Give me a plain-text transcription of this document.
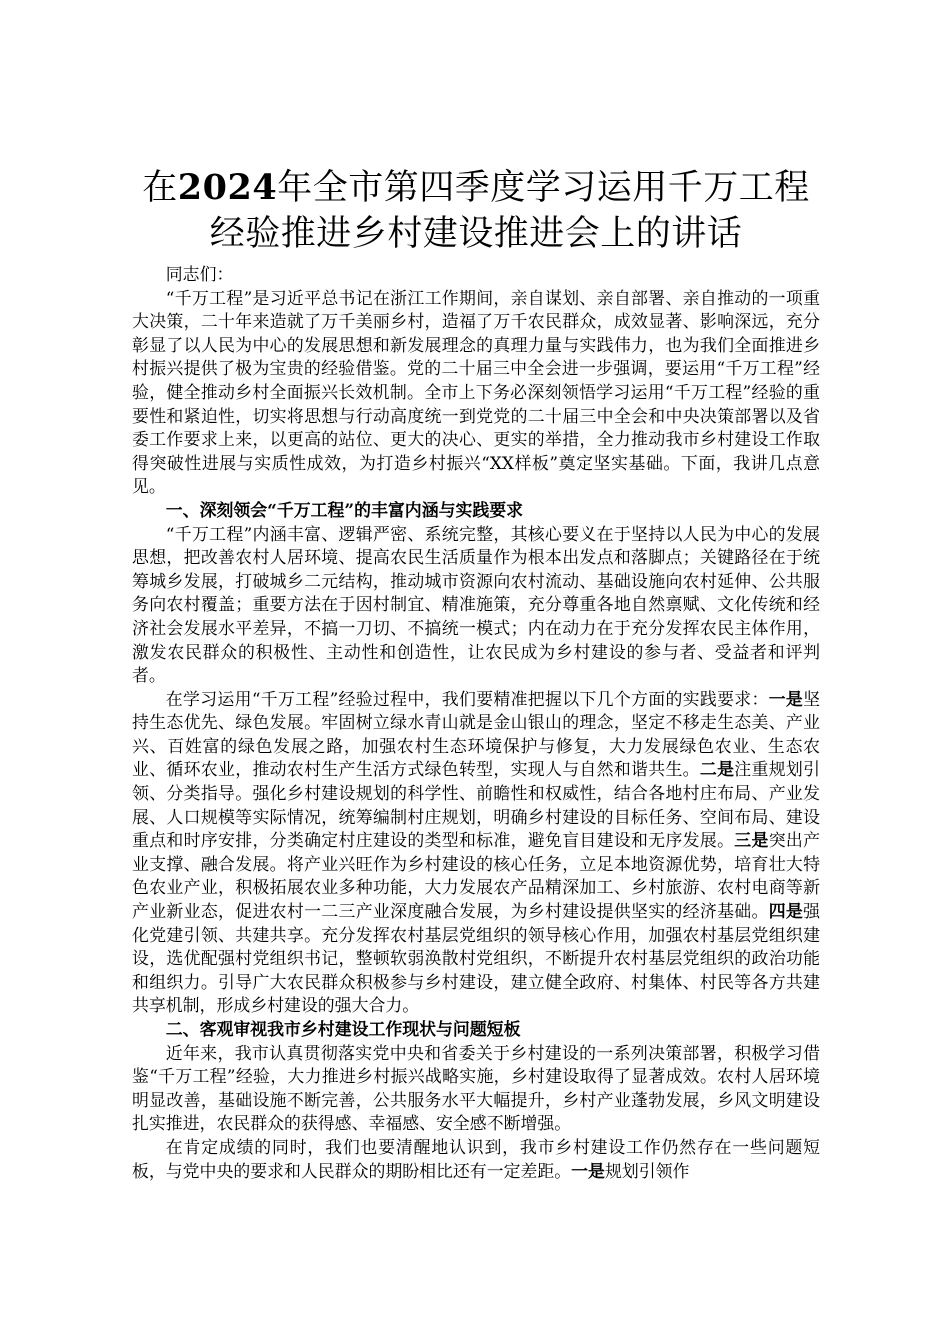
在2024年全市第四季度学习运用千万工程经验推进乡村建设推进会上的讲话

同志们：

“千万工程”是习近平总书记在浙江工作期间，亲自谋划、亲自部署、亲自推动的一项重大决策，二十年来造就了万千美丽乡村，造福了万千农民群众，成效显著、影响深远，充分彰显了以人民为中心的发展思想和新发展理念的真理力量与实践伟力，也为我们全面推进乡村振兴提供了极为宝贵的经验借鉴。党的二十届三中全会进一步强调，要运用“千万工程”经验，健全推动乡村全面振兴长效机制。全市上下务必深刻领悟学习运用“千万工程”经验的重要性和紧迫性，切实将思想与行动高度统一到党党的二十届三中全会和中央决策部署以及省委工作要求上来，以更高的站位、更大的决心、更实的举措，全力推动我市乡村建设工作取得突破性进展与实质性成效，为打造乡村振兴“XX样板”奠定坚实基础。下面，我讲几点意见。

一、深刻领会“千万工程”的丰富内涵与实践要求

“千万工程”内涵丰富、逻辑严密、系统完整，其核心要义在于坚持以人民为中心的发展思想，把改善农村人居环境、提高农民生活质量作为根本出发点和落脚点；关键路径在于统筹城乡发展，打破城乡二元结构，推动城市资源向农村流动、基础设施向农村延伸、公共服务向农村覆盖；重要方法在于因村制宜、精准施策，充分尊重各地自然禀赋、文化传统和经济社会发展水平差异，不搞一刀切、不搞统一模式；内在动力在于充分发挥农民主体作用，激发农民群众的积极性、主动性和创造性，让农民成为乡村建设的参与者、受益者和评判者。

在学习运用“千万工程”经验过程中，我们要精准把握以下几个方面的实践要求：一是坚持生态优先、绿色发展。牢固树立绿水青山就是金山银山的理念，坚定不移走生态美、产业兴、百姓富的绿色发展之路，加强农村生态环境保护与修复，大力发展绿色农业、生态农业、循环农业，推动农村生产生活方式绿色转型，实现人与自然和谐共生。二是注重规划引领、分类指导。强化乡村建设规划的科学性、前瞻性和权威性，结合各地村庄布局、产业发展、人口规模等实际情况，统筹编制村庄规划，明确乡村建设的目标任务、空间布局、建设重点和时序安排，分类确定村庄建设的类型和标准，避免盲目建设和无序发展。三是突出产业支撑、融合发展。将产业兴旺作为乡村建设的核心任务，立足本地资源优势，培育壮大特色农业产业，积极拓展农业多种功能，大力发展农产品精深加工、乡村旅游、农村电商等新产业新业态，促进农村一二三产业深度融合发展，为乡村建设提供坚实的经济基础。四是强化党建引领、共建共享。充分发挥农村基层党组织的领导核心作用，加强农村基层党组织建设，选优配强村党组织书记，整顿软弱涣散村党组织，不断提升农村基层党组织的政治功能和组织力。引导广大农民群众积极参与乡村建设，建立健全政府、村集体、村民等各方共建共享机制，形成乡村建设的强大合力。

二、客观审视我市乡村建设工作现状与问题短板

近年来，我市认真贯彻落实党中央和省委关于乡村建设的一系列决策部署，积极学习借鉴“千万工程”经验，大力推进乡村振兴战略实施，乡村建设取得了显著成效。农村人居环境明显改善，基础设施不断完善，公共服务水平大幅提升，乡村产业蓬勃发展，乡风文明建设扎实推进，农民群众的获得感、幸福感、安全感不断增强。

在肯定成绩的同时，我们也要清醒地认识到，我市乡村建设工作仍然存在一些问题短板，与党中央的要求和人民群众的期盼相比还有一定差距。一是规划引领作
